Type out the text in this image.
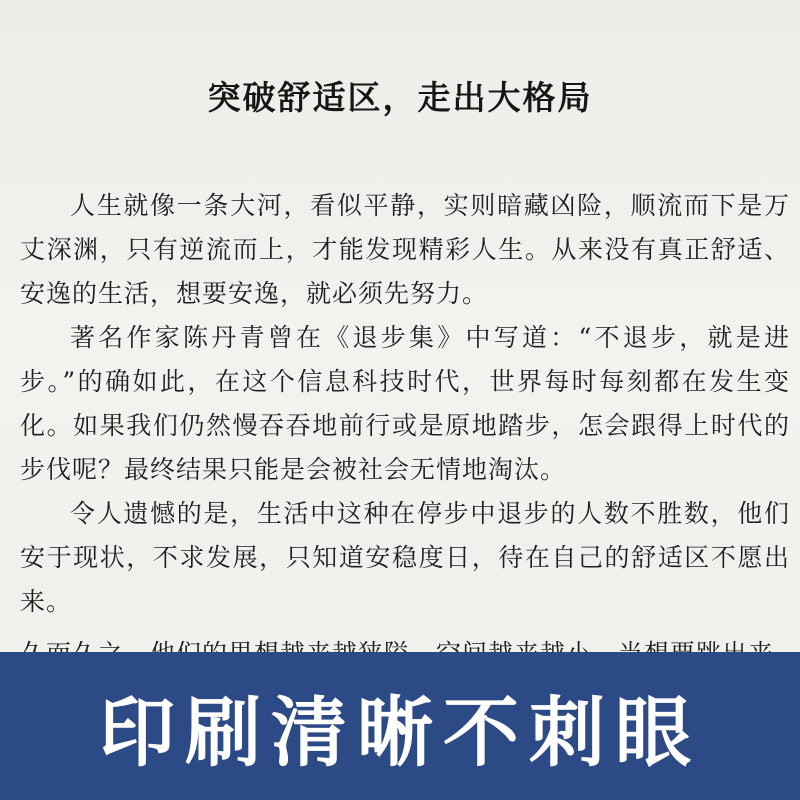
突破舒适区，走出大格局

人生就像一条大河，看似平静，实则暗藏凶险，顺流而下是万丈深渊，只有逆流而上，才能发现精彩人生。从来没有真正舒适、安逸的生活，想要安逸，就必须先努力。

著名作家陈丹青曾在《退步集》中写道：“不退步，就是进步。”的确如此，在这个信息科技时代，世界每时每刻都在发生变化。如果我们仍然慢吞吞地前行或是原地踏步，怎会跟得上时代的步伐呢？最终结果只能是会被社会无情地淘汰。

令人遗憾的是，生活中这种在停步中退步的人数不胜数，他们安于现状，不求发展，只知道安稳度日，待在自己的舒适区不愿出来。

印刷清晰不刺眼
